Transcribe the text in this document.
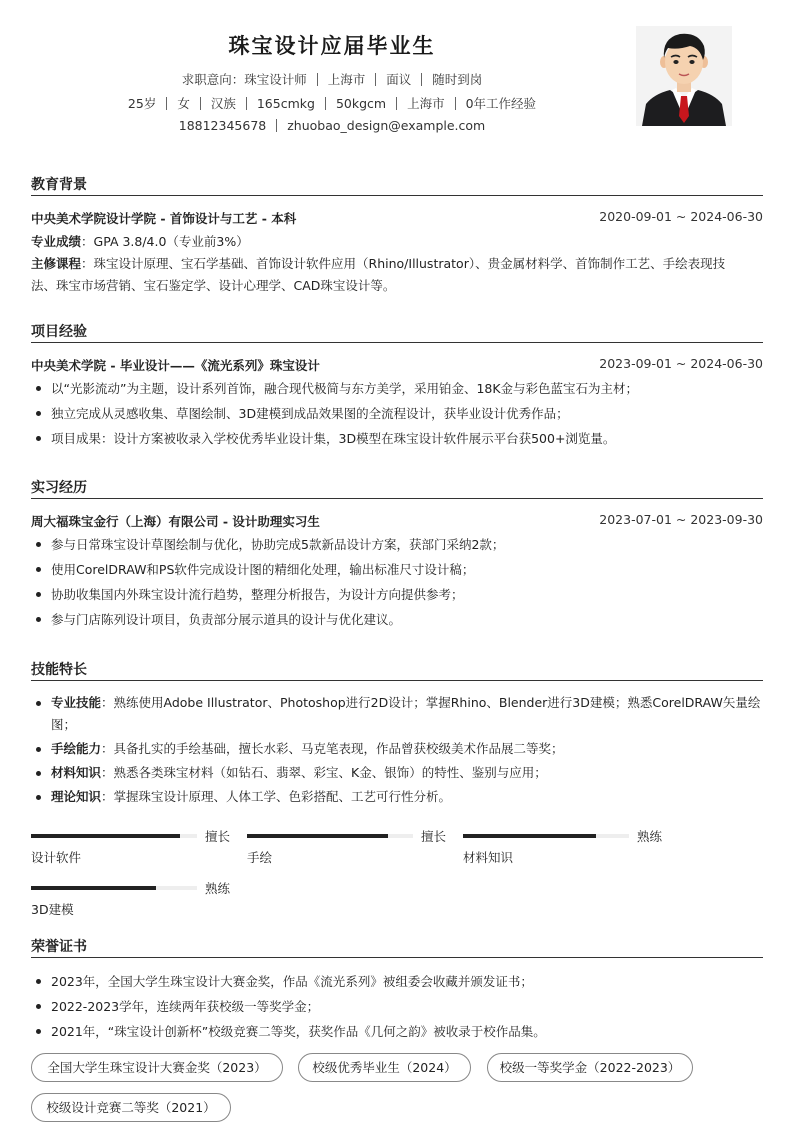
珠宝设计应届毕业生
求职意向：珠宝设计师 上海市 面议 随时到岗
25岁 女 汉族 165cmkg 50kgcm 上海市 0年工作经验
18812345678 zhuobao_design@example.com
教育背景
中央美术学院设计学院 - 首饰设计与工艺 - 本科	2020-09-01 ~ 2024-06-30
专业成绩：GPA 3.8/4.0（专业前3%）
主修课程：珠宝设计原理、宝石学基础、首饰设计软件应用（Rhino/Illustrator）、贵金属材料学、首饰制作工艺、手绘表现技
法、珠宝市场营销、宝石鉴定学、设计心理学、CAD珠宝设计等。
项目经验
中央美术学院 - 毕业设计——《流光系列》珠宝设计	2023-09-01 ~ 2024-06-30
以“光影流动”为主题，设计系列首饰，融合现代极简与东方美学，采用铂金、18K金与彩色蓝宝石为主材；
独立完成从灵感收集、草图绘制、3D建模到成品效果图的全流程设计，获毕业设计优秀作品；
项目成果：设计方案被收录入学校优秀毕业设计集，3D模型在珠宝设计软件展示平台获500+浏览量。
实习经历
周大福珠宝金行（上海）有限公司 - 设计助理实习生	2023-07-01 ~ 2023-09-30
参与日常珠宝设计草图绘制与优化，协助完成5款新品设计方案，获部门采纳2款；
使用CorelDRAW和PS软件完成设计图的精细化处理，输出标准尺寸设计稿；
协助收集国内外珠宝设计流行趋势，整理分析报告，为设计方向提供参考；
参与门店陈列设计项目，负责部分展示道具的设计与优化建议。
技能特长
专业技能：熟练使用Adobe Illustrator、Photoshop进行2D设计；掌握Rhino、Blender进行3D建模；熟悉CorelDRAW矢量绘
图；
手绘能力：具备扎实的手绘基础，擅长水彩、马克笔表现，作品曾获校级美术作品展二等奖；
材料知识：熟悉各类珠宝材料（如钻石、翡翠、彩宝、K金、银饰）的特性、鉴别与应用；
理论知识：掌握珠宝设计原理、人体工学、色彩搭配、工艺可行性分析。
擅长
设计软件
擅长
手绘
熟练
材料知识
熟练
3D建模
荣誉证书
2023年，全国大学生珠宝设计大赛金奖，作品《流光系列》被组委会收藏并颁发证书；
2022-2023学年，连续两年获校级一等奖学金；
2021年，“珠宝设计创新杯”校级竞赛二等奖，获奖作品《几何之韵》被收录于校作品集。
全国大学生珠宝设计大赛金奖（2023）	校级优秀毕业生（2024）	校级一等奖学金（2022-2023）
校级设计竞赛二等奖（2021）
